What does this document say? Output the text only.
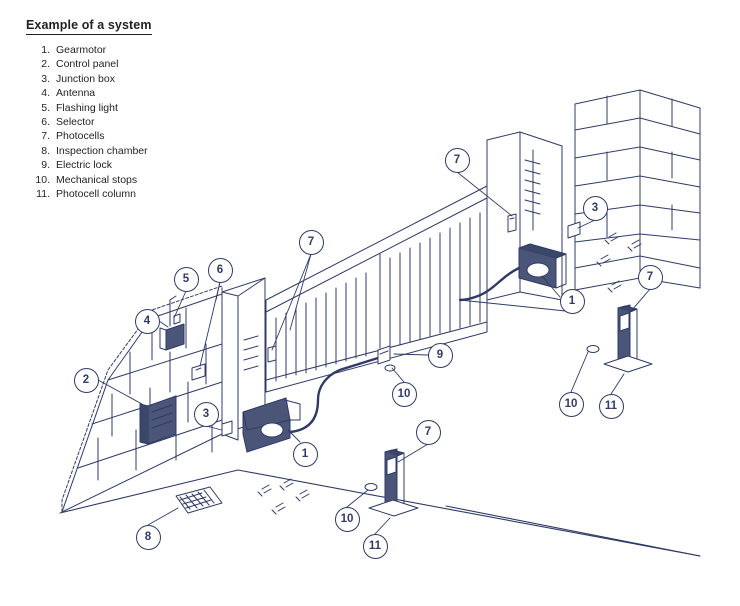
Example of a system
1. Gearmotor
2. Control panel
3. Junction box
4. Antenna
5. Flashing light
6. Selector
7. Photocells
8. Inspection chamber
9. Electric lock
10. Mechanical stops
11. Photocell column
7
3
7
7
1
5
6
4
9
10
2
3
10	11
1
7
10
8
11
